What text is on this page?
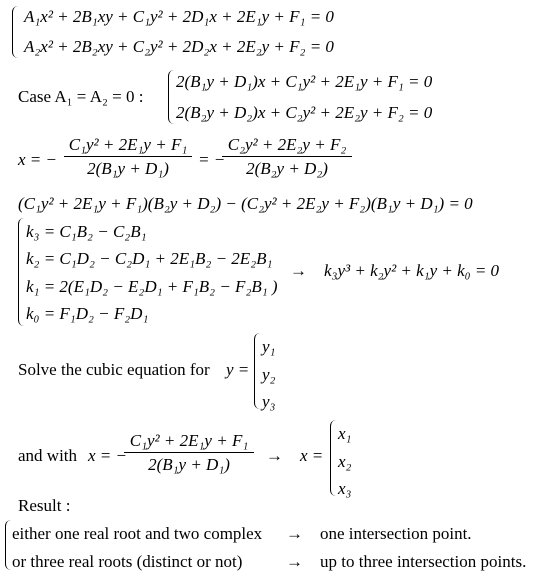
A₁x² + 2B₁xy + C₁y² + 2D₁x + 2E₁y + F₁ = 0
A₂x² + 2B₂xy + C₂y² + 2D₂x + 2E₂y + F₂ = 0
Case A₁ = A₂ = 0 :
2(B₁y + D₁)x + C₁y² + 2E₁y + F₁ = 0
2(B₂y + D₂)x + C₂y² + 2E₂y + F₂ = 0
x = −
C₁y² + 2E₁y + F₁
2(B₁y + D₁)	= −
C₂y² + 2E₂y + F₂
2(B₂y + D₂)
(C₁y² + 2E₁y + F₁)(B₂y + D₂) − (C₂y² + 2E₂y + F₂)(B₁y + D₁) = 0
k₃ = C₁B₂ − C₂B₁
k₂ = C₁D₂ − C₂D₁ + 2E₁B₂ − 2E₂B₁
k₁ = 2(E₁D₂ − E₂D₁ + F₁B₂ − F₂B₁ )
k₀ = F₁D₂ − F₂D₁
→ k₃y³ + k₂y² + k₁y + k₀ = 0
Solve the cubic equation for y =
y₁
y₂
y₃
and with x = −
C₁y² + 2E₁y + F₁
2(B₁y + D₁)	→ x =
x₁
x₂
x₃
Result :
either one real root and two complex → one intersection point.
or three real roots (distinct or not)	→ up to three intersection points.
